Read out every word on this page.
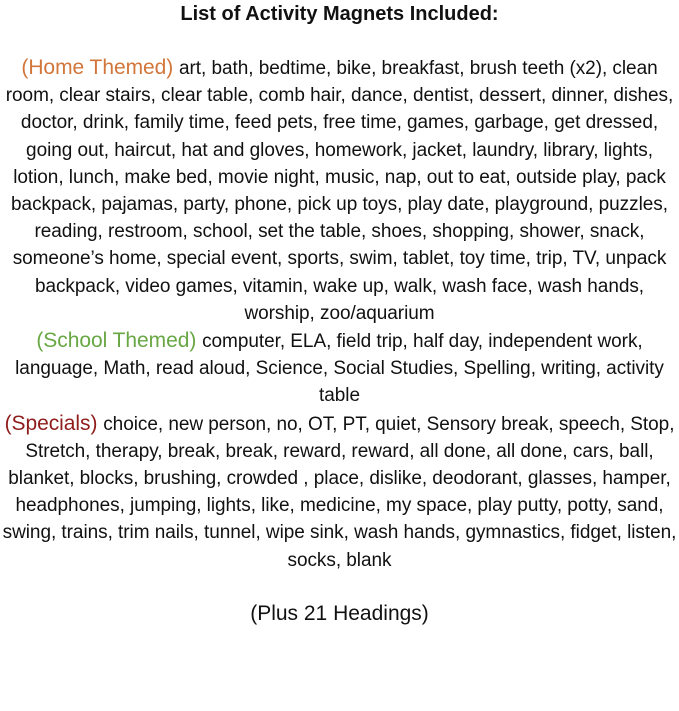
List of Activity Magnets Included:

(Home Themed) art, bath, bedtime, bike, breakfast, brush teeth (x2), clean room, clear stairs, clear table, comb hair, dance, dentist, dessert, dinner, dishes, doctor, drink, family time, feed pets, free time, games, garbage, get dressed, going out, haircut, hat and gloves, homework, jacket, laundry, library, lights, lotion, lunch, make bed, movie night, music, nap, out to eat, outside play, pack backpack, pajamas, party, phone, pick up toys, play date, playground, puzzles, reading, restroom, school, set the table, shoes, shopping, shower, snack, someone’s home, special event, sports, swim, tablet, toy time, trip, TV, unpack backpack, video games, vitamin, wake up, walk, wash face, wash hands, worship, zoo/aquarium

(School Themed) computer, ELA, field trip, half day, independent work, language, Math, read aloud, Science, Social Studies, Spelling, writing, activity table

(Specials) choice, new person, no, OT, PT, quiet, Sensory break, speech, Stop, Stretch, therapy, break, break, reward, reward, all done, all done, cars, ball, blanket, blocks, brushing, crowded , place, dislike, deodorant, glasses, hamper, headphones, jumping, lights, like, medicine, my space, play putty, potty, sand, swing, trains, trim nails, tunnel, wipe sink, wash hands, gymnastics, fidget, listen, socks, blank

(Plus 21 Headings)
